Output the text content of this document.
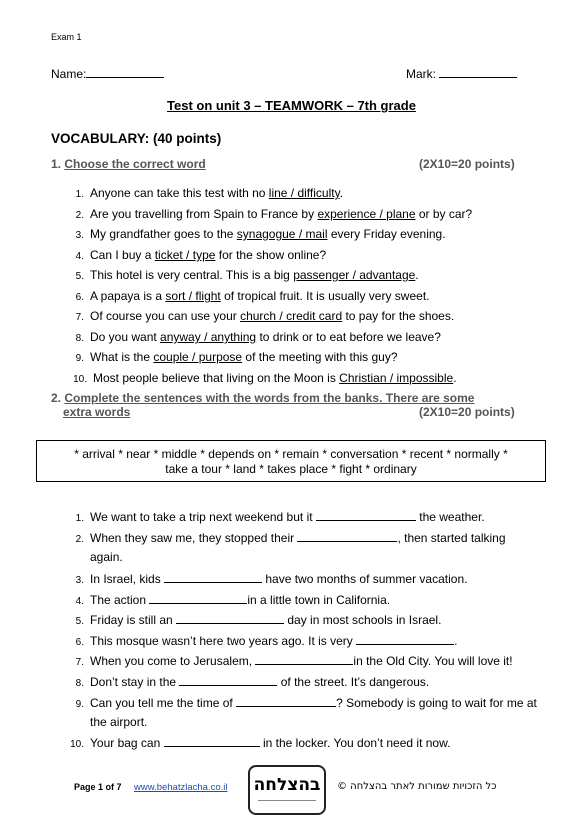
Exam 1
Name:	Mark:
Test on unit 3 – TEAMWORK – 7th grade
VOCABULARY: (40 points)
1. Choose the correct word	(2X10=20 points)
1. Anyone can take this test with no line / difficulty.
2. Are you travelling from Spain to France by experience / plane or by car?
3. My grandfather goes to the synagogue / mail every Friday evening.
4. Can I buy a ticket / type for the show online?
5. This hotel is very central. This is a big passenger / advantage.
6. A papaya is a sort / flight of tropical fruit. It is usually very sweet.
7. Of course you can use your church / credit card to pay for the shoes.
8. Do you want anyway / anything to drink or to eat before we leave?
9. What is the couple / purpose of the meeting with this guy?
10. Most people believe that living on the Moon is Christian / impossible.
2. Complete the sentences with the words from the banks. There are some
extra words	(2X10=20 points)
* arrival * near * middle * depends on * remain * conversation * recent * normally *
take a tour * land * takes place * fight * ordinary
1. We want to take a trip next weekend but it	the weather.
2. When they saw me, they stopped their	, then started talking
again.
3. In Israel, kids	have two months of summer vacation.
4. The action	in a little town in California.
5. Friday is still an	day in most schools in Israel.
6. This mosque wasn’t here two years ago. It is very	.
7. When you come to Jerusalem,	in the Old City. You will love it!
8. Don’t stay in the	of the street. It’s dangerous.
9. Can you tell me the time of	? Somebody is going to wait for me at
the airport.
10. Your bag can	in the locker. You don’t need it now.
Page 1 of 7 www.behatzlacha.co.il בהצלחה	כל הזכויות שמורות לאתר בהצלחה ©
